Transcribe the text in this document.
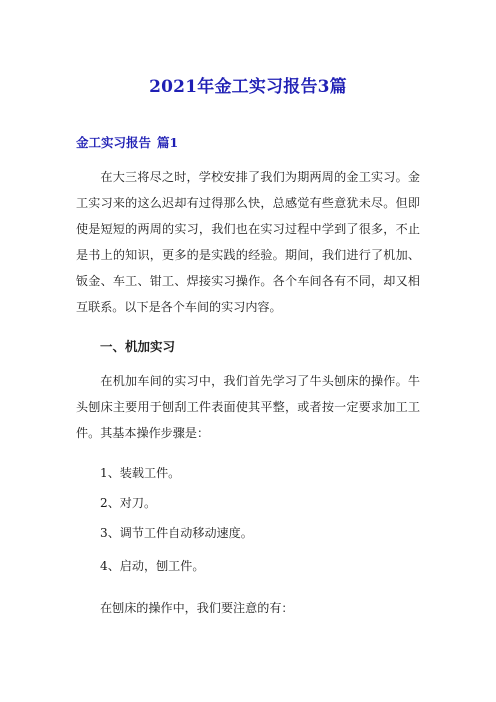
2021年金工实习报告3篇
金工实习报告 篇1

在大三将尽之时，学校安排了我们为期两周的金工实习。金工实习来的这么迟却有过得那么快，总感觉有些意犹未尽。但即使是短短的两周的实习，我们也在实习过程中学到了很多，不止是书上的知识，更多的是实践的经验。期间，我们进行了机加、钣金、车工、钳工、焊接实习操作。各个车间各有不同，却又相互联系。以下是各个车间的实习内容。

一、机加实习

在机加车间的实习中，我们首先学习了牛头刨床的操作。牛头刨床主要用于刨刮工件表面使其平整，或者按一定要求加工工件。其基本操作步骤是：

1、装载工件。
2、对刀。
3、调节工件自动移动速度。
4、启动，刨工件。
在刨床的操作中，我们要注意的有：
